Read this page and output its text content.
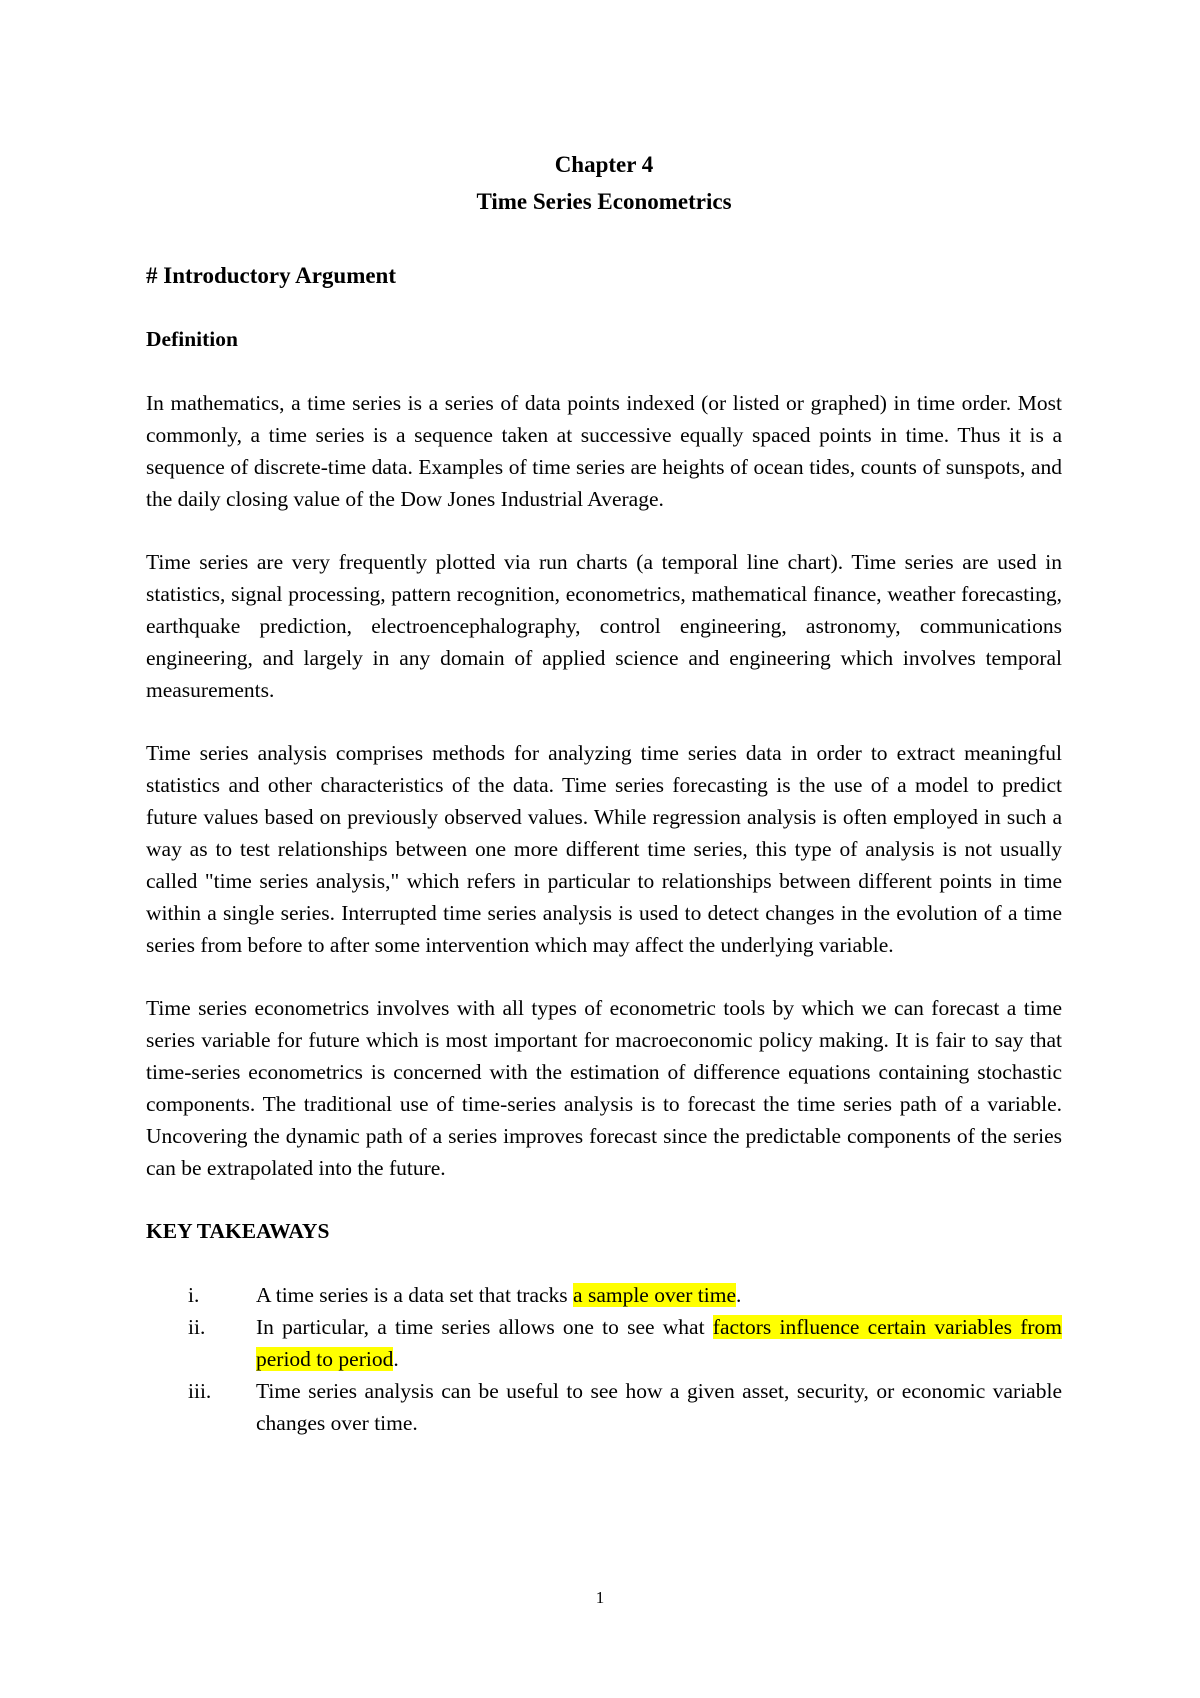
Chapter 4
Time Series Econometrics
# Introductory Argument
Definition

In mathematics, a time series is a series of data points indexed (or listed or graphed) in time order. Most commonly, a time series is a sequence taken at successive equally spaced points in time. Thus it is a sequence of discrete-time data. Examples of time series are heights of ocean tides, counts of sunspots, and the daily closing value of the Dow Jones Industrial Average.

Time series are very frequently plotted via run charts (a temporal line chart). Time series are used in statistics, signal processing, pattern recognition, econometrics, mathematical finance, weather forecasting, earthquake prediction, electroencephalography, control engineering, astronomy, communications engineering, and largely in any domain of applied science and engineering which involves temporal measurements.

Time series analysis comprises methods for analyzing time series data in order to extract meaningful statistics and other characteristics of the data. Time series forecasting is the use of a model to predict future values based on previously observed values. While regression analysis is often employed in such a way as to test relationships between one more different time series, this type of analysis is not usually called "time series analysis," which refers in particular to relationships between different points in time within a single series. Interrupted time series analysis is used to detect changes in the evolution of a time series from before to after some intervention which may affect the underlying variable.

Time series econometrics involves with all types of econometric tools by which we can forecast a time series variable for future which is most important for macroeconomic policy making. It is fair to say that time-series econometrics is concerned with the estimation of difference equations containing stochastic components. The traditional use of time-series analysis is to forecast the time series path of a variable. Uncovering the dynamic path of a series improves forecast since the predictable components of the series can be extrapolated into the future.

KEY TAKEAWAYS
i.	A time series is a data set that tracks a sample over time.
ii.	In particular, a time series allows one to see what factors influence certain variables from period to period.
iii.	Time series analysis can be useful to see how a given asset, security, or economic variable changes over time.
1
